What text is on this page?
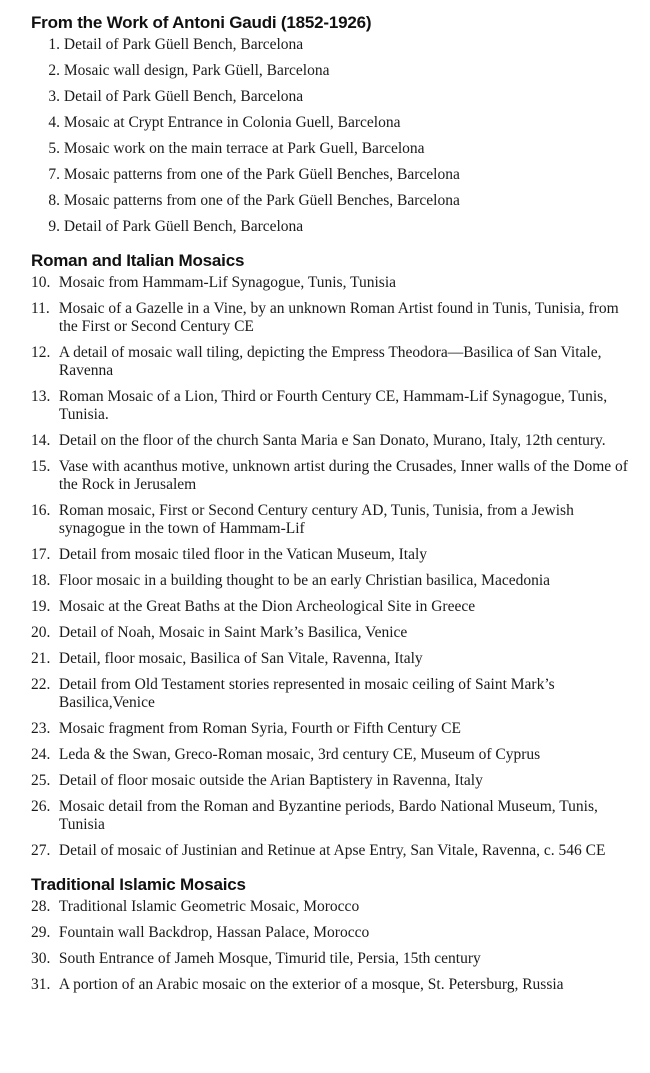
From the Work of Antoni Gaudi (1852-1926)
1.
Detail of Park Güell Bench, Barcelona
2.
Mosaic wall design, Park Güell, Barcelona
3.
Detail of Park Güell Bench, Barcelona
4.
Mosaic at Crypt Entrance in Colonia Guell, Barcelona
5.
Mosaic work on the main terrace at Park Guell, Barcelona
7.
Mosaic patterns from one of the Park Güell Benches, Barcelona
8.
Mosaic patterns from one of the Park Güell Benches, Barcelona
9.
Detail of Park Güell Bench, Barcelona
Roman and Italian Mosaics
10.
Mosaic from Hammam-Lif Synagogue, Tunis, Tunisia
11.
Mosaic of a Gazelle in a Vine, by an unknown Roman Artist found in Tunis, Tunisia, from the First or Second Century CE
12.
A detail of mosaic wall tiling, depicting the Empress Theodora—Basilica of San Vitale, Ravenna
13.
Roman Mosaic of a Lion, Third or Fourth Century CE, Hammam-Lif Synagogue, Tunis, Tunisia.
14.
Detail on the floor of the church Santa Maria e San Donato, Murano, Italy, 12th century.
15.
Vase with acanthus motive, unknown artist during the Crusades, Inner walls of the Dome of the Rock in Jerusalem
16.
Roman mosaic, First or Second Century century AD, Tunis, Tunisia, from a Jewish synagogue in the town of Hammam-Lif
17.
Detail from mosaic tiled floor in the Vatican Museum, Italy
18.
Floor mosaic in a building thought to be an early Christian basilica, Macedonia
19.
Mosaic at the Great Baths at the Dion Archeological Site in Greece
20.
Detail of Noah, Mosaic in Saint Mark’s Basilica, Venice
21.
Detail, floor mosaic, Basilica of San Vitale, Ravenna, Italy
22.
Detail from Old Testament stories represented in mosaic ceiling of Saint Mark’s Basilica,Venice
23.
Mosaic fragment from Roman Syria, Fourth or Fifth Century CE
24.
Leda & the Swan, Greco-Roman mosaic, 3rd century CE, Museum of Cyprus
25.
Detail of floor mosaic outside the Arian Baptistery in Ravenna, Italy
26.
Mosaic detail from the Roman and Byzantine periods, Bardo National Museum, Tunis, Tunisia
27.
Detail of mosaic of Justinian and Retinue at Apse Entry, San Vitale, Ravenna, c. 546 CE
Traditional Islamic Mosaics
28.
Traditional Islamic Geometric Mosaic, Morocco
29.
Fountain wall Backdrop, Hassan Palace, Morocco
30.
South Entrance of Jameh Mosque, Timurid tile, Persia, 15th century
31.
A portion of an Arabic mosaic on the exterior of a mosque, St. Petersburg, Russia
